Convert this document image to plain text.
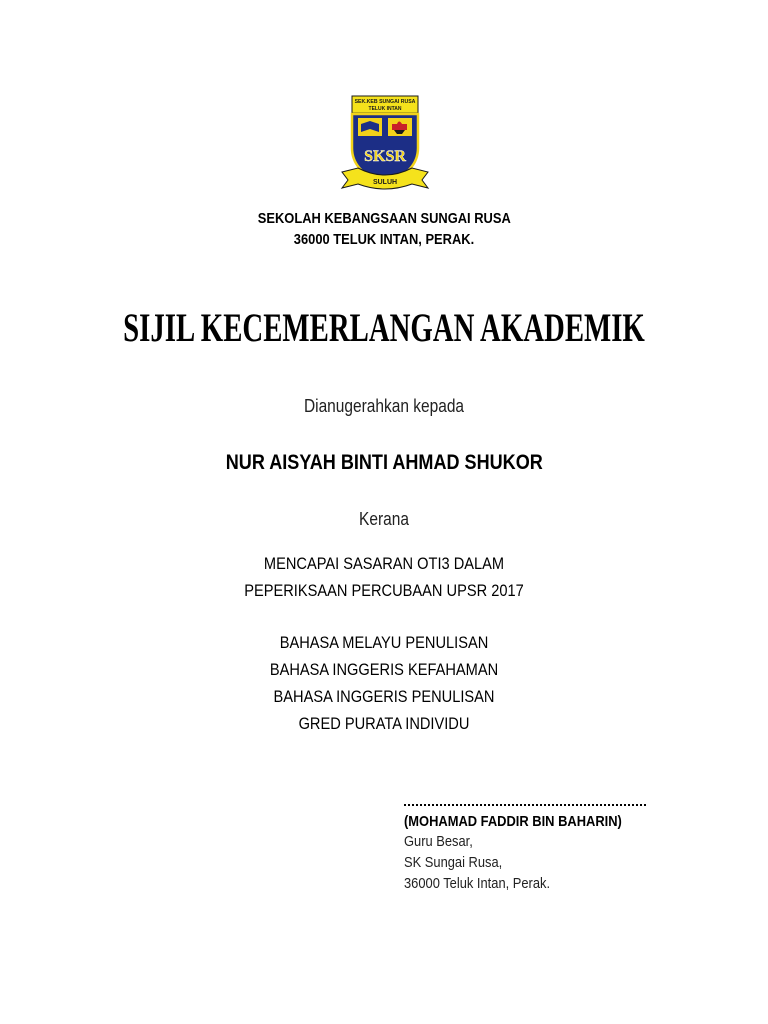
SEK.KEB SUNGAI RUSA
TELUK INTAN
SKSR
SULUH
SEKOLAH KEBANGSAAN SUNGAI RUSA
36000 TELUK INTAN, PERAK.
SIJIL KECEMERLANGAN AKADEMIK
Dianugerahkan kepada
NUR AISYAH BINTI AHMAD SHUKOR
Kerana
MENCAPAI SASARAN OTI3 DALAM
PEPERIKSAAN PERCUBAAN UPSR 2017
BAHASA MELAYU PENULISAN
BAHASA INGGERIS KEFAHAMAN
BAHASA INGGERIS PENULISAN
GRED PURATA INDIVIDU
(MOHAMAD FADDIR BIN BAHARIN)
Guru Besar,
SK Sungai Rusa,
36000 Teluk Intan, Perak.
